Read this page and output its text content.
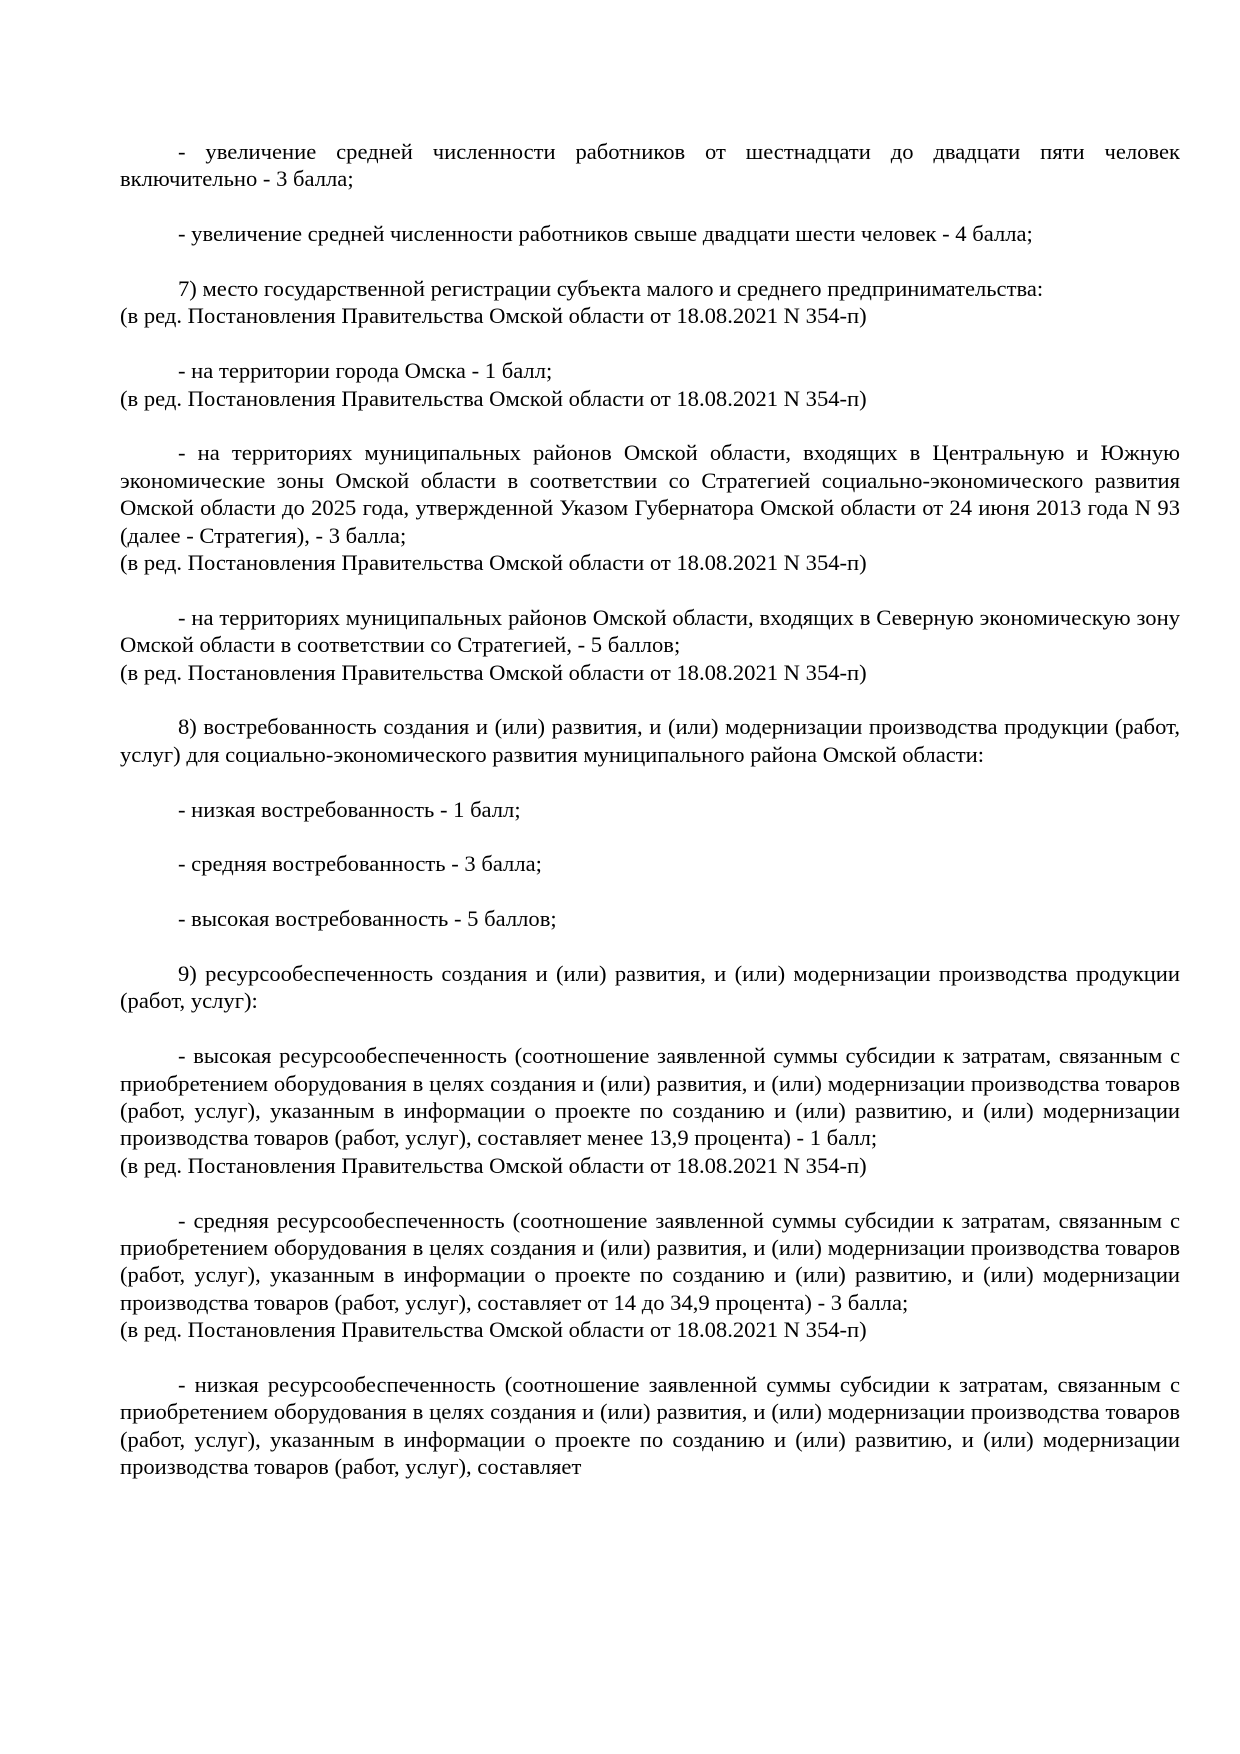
- увеличение средней численности работников от шестнадцати до двадцати пяти человек включительно - 3 балла;
- увеличение средней численности работников свыше двадцати шести человек - 4 балла;
7) место государственной регистрации субъекта малого и среднего предпринимательства:
(в ред. Постановления Правительства Омской области от 18.08.2021 N 354-п)
- на территории города Омска - 1 балл;
(в ред. Постановления Правительства Омской области от 18.08.2021 N 354-п)
- на территориях муниципальных районов Омской области, входящих в Центральную и Южную экономические зоны Омской области в соответствии со Стратегией социально-экономического развития Омской области до 2025 года, утвержденной Указом Губернатора Омской области от 24 июня 2013 года N 93 (далее - Стратегия), - 3 балла;
(в ред. Постановления Правительства Омской области от 18.08.2021 N 354-п)
- на территориях муниципальных районов Омской области, входящих в Северную экономическую зону Омской области в соответствии со Стратегией, - 5 баллов;
(в ред. Постановления Правительства Омской области от 18.08.2021 N 354-п)
8) востребованность создания и (или) развития, и (или) модернизации производства продукции (работ, услуг) для социально-экономического развития муниципального района Омской области:
- низкая востребованность - 1 балл;
- средняя востребованность - 3 балла;
- высокая востребованность - 5 баллов;
9) ресурсообеспеченность создания и (или) развития, и (или) модернизации производства продукции (работ, услуг):
- высокая ресурсообеспеченность (соотношение заявленной суммы субсидии к затратам, связанным с приобретением оборудования в целях создания и (или) развития, и (или) модернизации производства товаров (работ, услуг), указанным в информации о проекте по созданию и (или) развитию, и (или) модернизации производства товаров (работ, услуг), составляет менее 13,9 процента) - 1 балл;
(в ред. Постановления Правительства Омской области от 18.08.2021 N 354-п)
- средняя ресурсообеспеченность (соотношение заявленной суммы субсидии к затратам, связанным с приобретением оборудования в целях создания и (или) развития, и (или) модернизации производства товаров (работ, услуг), указанным в информации о проекте по созданию и (или) развитию, и (или) модернизации производства товаров (работ, услуг), составляет от 14 до 34,9 процента) - 3 балла;
(в ред. Постановления Правительства Омской области от 18.08.2021 N 354-п)
- низкая ресурсообеспеченность (соотношение заявленной суммы субсидии к затратам, связанным с приобретением оборудования в целях создания и (или) развития, и (или) модернизации производства товаров (работ, услуг), указанным в информации о проекте по созданию и (или) развитию, и (или) модернизации производства товаров (работ, услуг), составляет
